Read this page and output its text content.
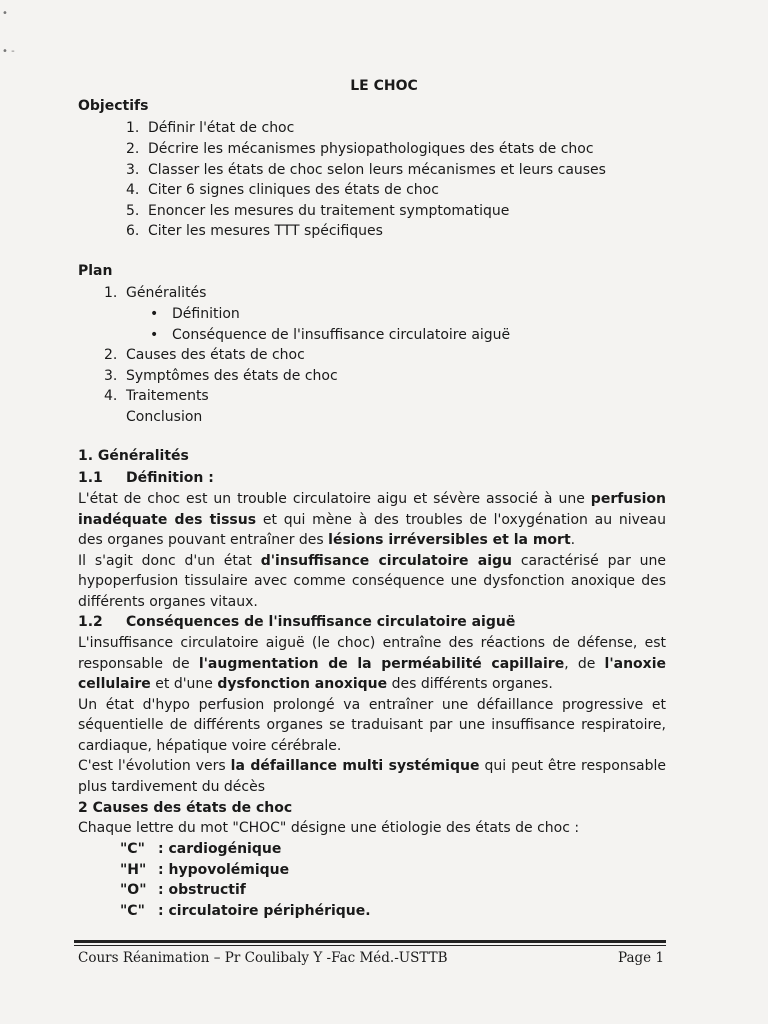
•
• -
LE CHOC
Objectifs
1. Définir l'état de choc
2. Décrire les mécanismes physiopathologiques des états de choc
3. Classer les états de choc selon leurs mécanismes et leurs causes
4. Citer 6 signes cliniques des états de choc
5. Enoncer les mesures du traitement symptomatique
6. Citer les mesures TTT spécifiques
Plan
1. Généralités
• Définition
• Conséquence de l'insuffisance circulatoire aiguë
2. Causes des états de choc
3. Symptômes des états de choc
4. Traitements
Conclusion
1. Généralités
1.1 Définition :

L'état de choc est un trouble circulatoire aigu et sévère associé à une perfusion inadéquate des tissus et qui mène à des troubles de l'oxygénation au niveau des organes pouvant entraîner des lésions irréversibles et la mort.

Il s'agit donc d'un état d'insuffisance circulatoire aigu caractérisé par une hypoperfusion tissulaire avec comme conséquence une dysfonction anoxique des différents organes vitaux.

1.2 Conséquences de l'insuffisance circulatoire aiguë

L'insuffisance circulatoire aiguë (le choc) entraîne des réactions de défense, est responsable de l'augmentation de la perméabilité capillaire, de l'anoxie cellulaire et d'une dysfonction anoxique des différents organes.

Un état d'hypo perfusion prolongé va entraîner une défaillance progressive et séquentielle de différents organes se traduisant par une insuffisance respiratoire, cardiaque, hépatique voire cérébrale.

C'est l'évolution vers la défaillance multi systémique qui peut être responsable plus tardivement du décès

2 Causes des états de choc
Chaque lettre du mot "CHOC" désigne une étiologie des états de choc :
"C" : cardiogénique
"H" : hypovolémique
"O" : obstructif
"C" : circulatoire périphérique.
Cours Réanimation – Pr Coulibaly Y -Fac Méd.-USTTB	Page 1
